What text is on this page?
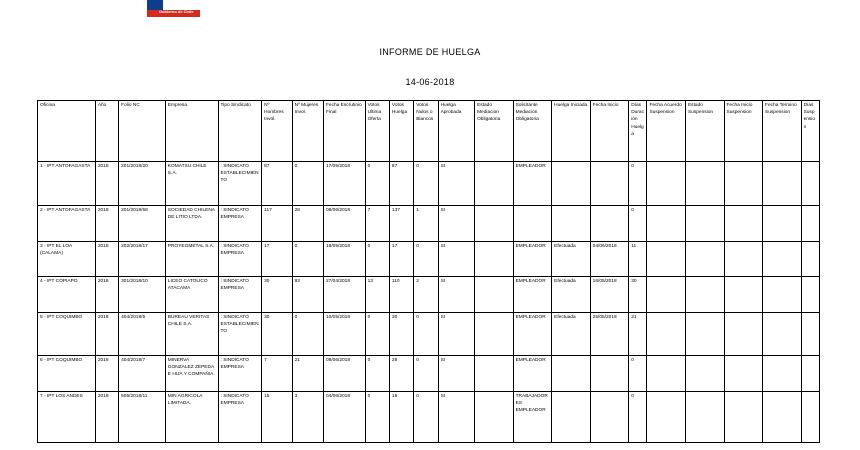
Gobierno de Chile
INFORME DE HUELGA
14-06-2018
Oficina	Año	Folio NC	Empresa	Tipo Sindicato	Nº Hombres Invol.	Nº Mujeres Invol.	Fecha Escrutinio Final	Votos Ultima Oferta	Votos Huelga	Votos Nulos o Blancos	Huelga Aprobada	Estado Mediacion Obligatoria	Solicitante Mediacion Obligatoria	Huelga Iniciada	Fecha Inicio	Días Duración Huelga	Fecha Acuerdo Suspension	Estado Suspension	Fecha Inicio Suspension	Fecha Termino Suspension	Días Suspension
1 - IPT ANTOFAGASTA	2018	201/2018/20	KOMATSU CHILE S.A.	: SINDICATO ESTABLECIMIENTO	87	0	17/05/2018	0	87	0	SI		EMPLEADOR			0					
2 - IPT ANTOFAGASTA	2018	201/2018/58	SOCIEDAD CHILENA DE LITIO LTDA.	: SINDICATO EMPRESA	117	28	08/06/2018	7	137	1	SI					0					
3 - IPT EL LOA (CALAMA)	2018	202/2018/17	PROYEGMETAL S.A.	: SINDICATO EMPRESA	17	0	18/05/2018	0	17	0	SI		EMPLEADOR	Efectuada	04/06/2018	11					
4 - IPT COPIAPO	2018	301/2018/10	LICEO CATOLICO ATACAMA	: SINDICATO EMPRESA	30	93	27/04/2018	13	110	2	SI		EMPLEADOR	Efectuada	16/05/2018	30					
5 - IPT COQUIMBO	2018	404/2018/5	BUREAU VERITAS CHILE S.A.	: SINDICATO ESTABLECIMIENTO	30	0	10/05/2018	0	30	0	SI		EMPLEADOR	Efectuada	25/05/2018	21					
6 - IPT COQUIMBO	2018	404/2018/7	MINERVA GONZALEZ ZEPEDA E HIJA Y COMPAÑIA.	: SINDICATO EMPRESA	7	21	08/06/2018	0	28	0	SI		EMPLEADOR			0					
7 - IPT LOS ANDES	2018	505/2018/11	MIN AGRICOLA LIMITADA.	: SINDICATO EMPRESA	15	3	04/06/2018	0	18	0	SI		TRABAJADORES EMPLEADOR			0					
